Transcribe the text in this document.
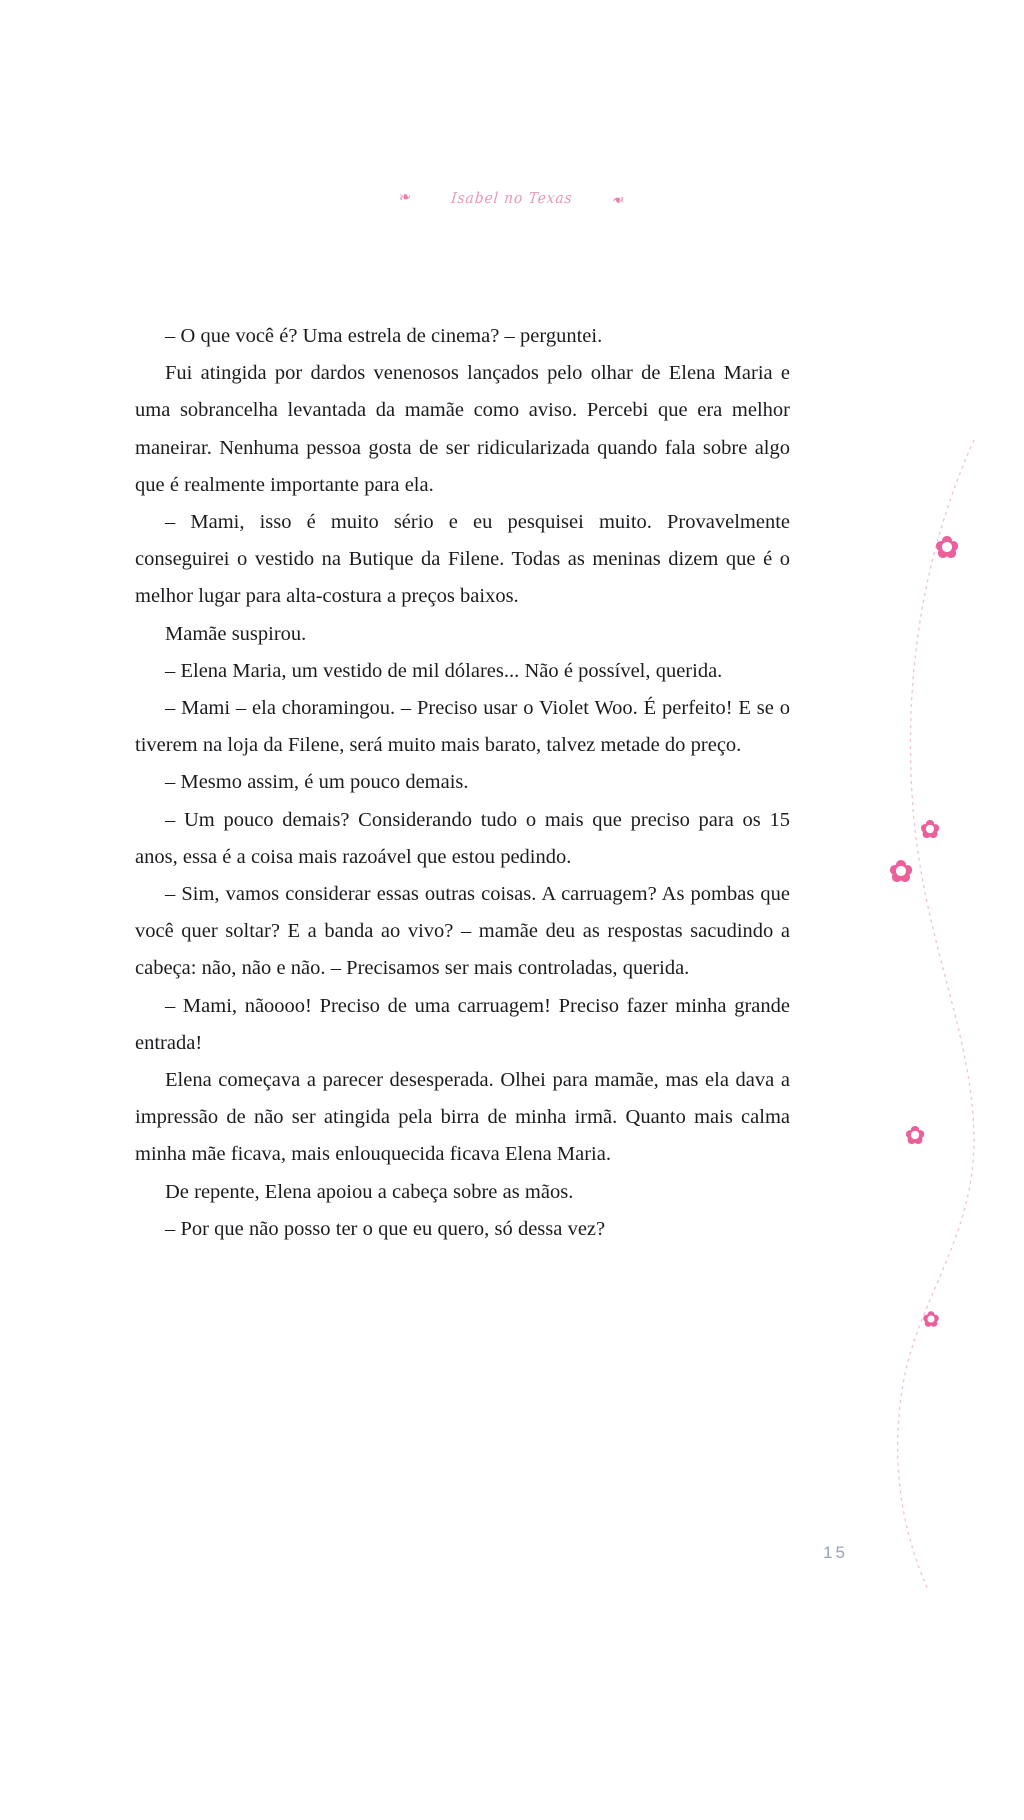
❧ Isabel no Texas ❧

– O que você é? Uma estrela de cinema? – perguntei.

Fui atingida por dardos venenosos lançados pelo olhar de Elena Maria e uma sobrancelha levantada da mamãe como aviso. Percebi que era melhor maneirar. Nenhuma pessoa gosta de ser ridicularizada quando fala sobre algo que é realmente importante para ela.

– Mami, isso é muito sério e eu pesquisei muito. Provavelmente conseguirei o vestido na Butique da Filene. Todas as meninas dizem que é o melhor lugar para alta-costura a preços baixos.

Mamãe suspirou.

– Elena Maria, um vestido de mil dólares... Não é possível, querida.

– Mami – ela choramingou. – Preciso usar o Violet Woo. É perfeito! E se o tiverem na loja da Filene, será muito mais barato, talvez metade do preço.

– Mesmo assim, é um pouco demais.

– Um pouco demais? Considerando tudo o mais que preciso para os 15 anos, essa é a coisa mais razoável que estou pedindo.

– Sim, vamos considerar essas outras coisas. A carruagem? As pombas que você quer soltar? E a banda ao vivo? – mamãe deu as respostas sacudindo a cabeça: não, não e não. – Precisamos ser mais controladas, querida.

– Mami, nãoooo! Preciso de uma carruagem! Preciso fazer minha grande entrada!

Elena começava a parecer desesperada. Olhei para mamãe, mas ela dava a impressão de não ser atingida pela birra de minha irmã. Quanto mais calma minha mãe ficava, mais enlouquecida ficava Elena Maria.

De repente, Elena apoiou a cabeça sobre as mãos.

– Por que não posso ter o que eu quero, só dessa vez?

15
